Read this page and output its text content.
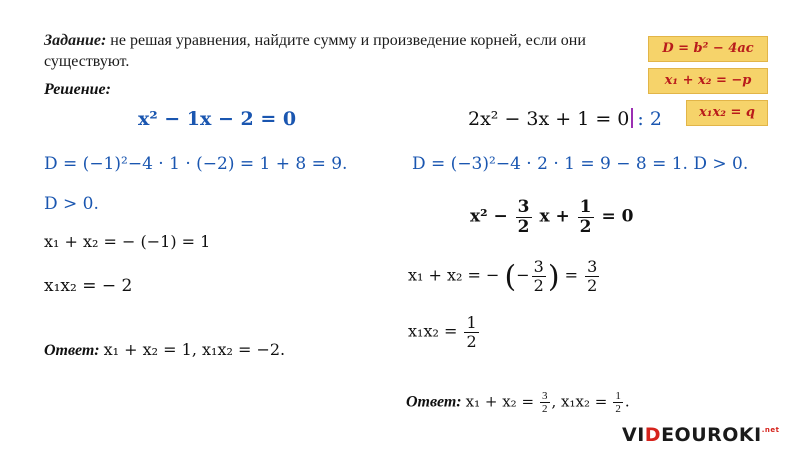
Задание: не решая уравнения, найдите сумму и произведение корней, если они существуют.
Решение:
D = b² − 4ac
x₁ + x₂ = −p
x₁x₂ = q
x² − 1x − 2 = 0
D = (−1)²−4 · 1 · (−2) = 1 + 8 = 9.
D > 0.
x₁ + x₂ = − (−1) = 1
x₁x₂ = − 2
Ответ: x₁ + x₂ = 1, x₁x₂ = −2.
2x² − 3x + 1 = 0 : 2
D = (−3)²−4 · 2 · 1 = 9 − 8 = 1. D > 0.
$x^2 - \frac{3}{2}$ $x + \frac{1}{2} = 0$
x₁ + x₂ = − (− $\frac{3}{2}$ ) = $\frac{3}{2}$
$x_1x_2 = \frac{1}{2}$
Ответ: $x_1 + x_2 = \frac{3}{2}$ , $x_1x_2 = \frac{1}{2}$ .
$VIDEOUROKI^{.net}$
